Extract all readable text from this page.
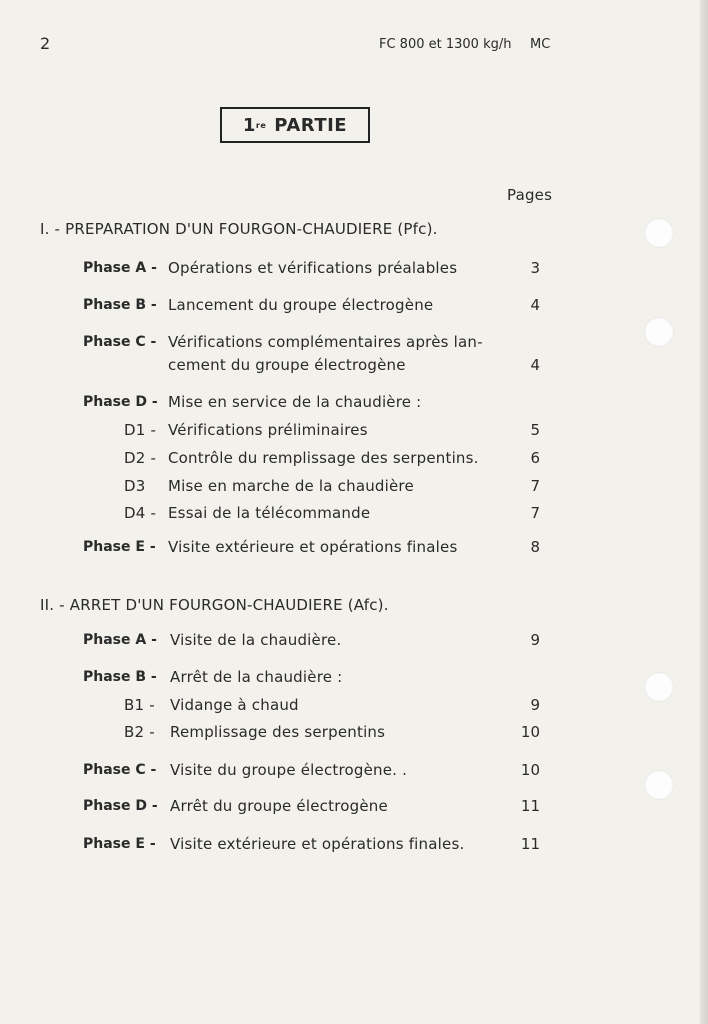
2	FC 800 et 1300 kg/h MC
1 re PARTIE
Pages
I. - PREPARATION D'UN FOURGON-CHAUDIERE (Pfc).
Phase A - Opérations et vérifications préalables	3
Phase B - Lancement du groupe électrogène	4
Phase C - Vérifications complémentaires après lan-
cement du groupe électrogène	4
Phase D - Mise en service de la chaudière :
D1 - Vérifications préliminaires	5
D2 - Contrôle du remplissage des serpentins.	6
D3 Mise en marche de la chaudière	7
D4 - Essai de la télécommande	7
Phase E - Visite extérieure et opérations finales	8
II. - ARRET D'UN FOURGON-CHAUDIERE (Afc).
Phase A - Visite de la chaudière.	9
Phase B - Arrêt de la chaudière :
B1 - Vidange à chaud	9
B2 - Remplissage des serpentins	10
Phase C - Visite du groupe électrogène. .	10
Phase D - Arrêt du groupe électrogène	11
Phase E - Visite extérieure et opérations finales.	11
